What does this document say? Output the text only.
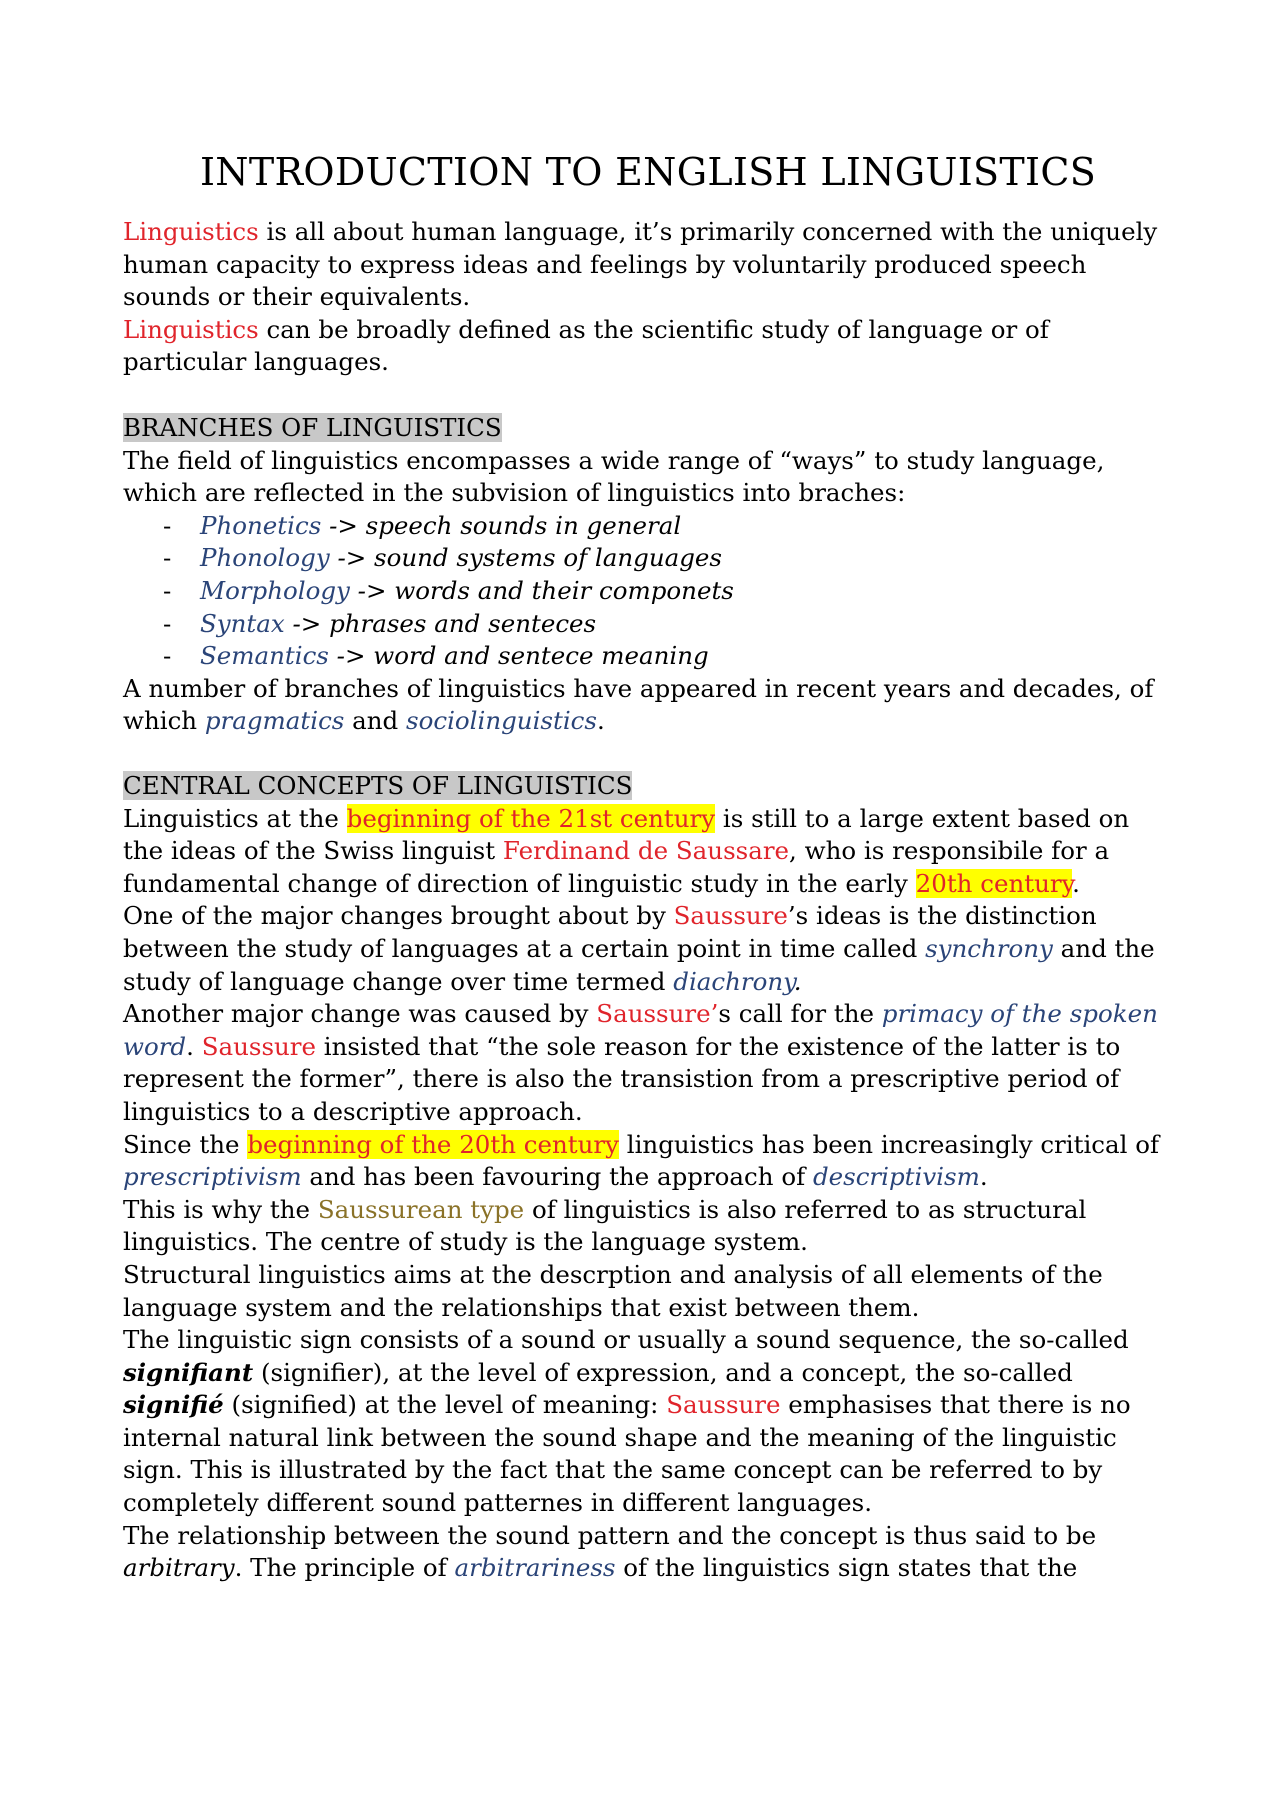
INTRODUCTION TO ENGLISH LINGUISTICS

Linguistics is all about human language, it’s primarily concerned with the uniquely human capacity to express ideas and feelings by voluntarily produced speech sounds or their equivalents.

Linguistics can be broadly defined as the scientific study of language or of particular languages.

BRANCHES OF LINGUISTICS

The field of linguistics encompasses a wide range of “ways” to study language, which are reflected in the subvision of linguistics into braches:

- Phonetics -> speech sounds in general
- Phonology -> sound systems of languages
- Morphology -> words and their componets
- Syntax -> phrases and senteces
- Semantics -> word and sentece meaning

A number of branches of linguistics have appeared in recent years and decades, of which pragmatics and sociolinguistics.

CENTRAL CONCEPTS OF LINGUISTICS

Linguistics at the beginning of the 21st century is still to a large extent based on the ideas of the Swiss linguist Ferdinand de Saussare, who is responsibile for a fundamental change of direction of linguistic study in the early 20th century.

One of the major changes brought about by Saussure’s ideas is the distinction between the study of languages at a certain point in time called synchrony and the study of language change over time termed diachrony.

Another major change was caused by Saussure’s call for the primacy of the spoken word. Saussure insisted that “the sole reason for the existence of the latter is to represent the former”, there is also the transistion from a prescriptive period of linguistics to a descriptive approach.

Since the beginning of the 20th century linguistics has been increasingly critical of prescriptivism and has been favouring the approach of descriptivism.

This is why the Saussurean type of linguistics is also referred to as structural linguistics. The centre of study is the language system.

Structural linguistics aims at the descrption and analysis of all elements of the language system and the relationships that exist between them.

The linguistic sign consists of a sound or usually a sound sequence, the so-called signifiant (signifier), at the level of expression, and a concept, the so-called signifié (signified) at the level of meaning: Saussure emphasises that there is no internal natural link between the sound shape and the meaning of the linguistic sign. This is illustrated by the fact that the same concept can be referred to by completely different sound patternes in different languages.

The relationship between the sound pattern and the concept is thus said to be arbitrary. The principle of arbitrariness of the linguistics sign states that the
